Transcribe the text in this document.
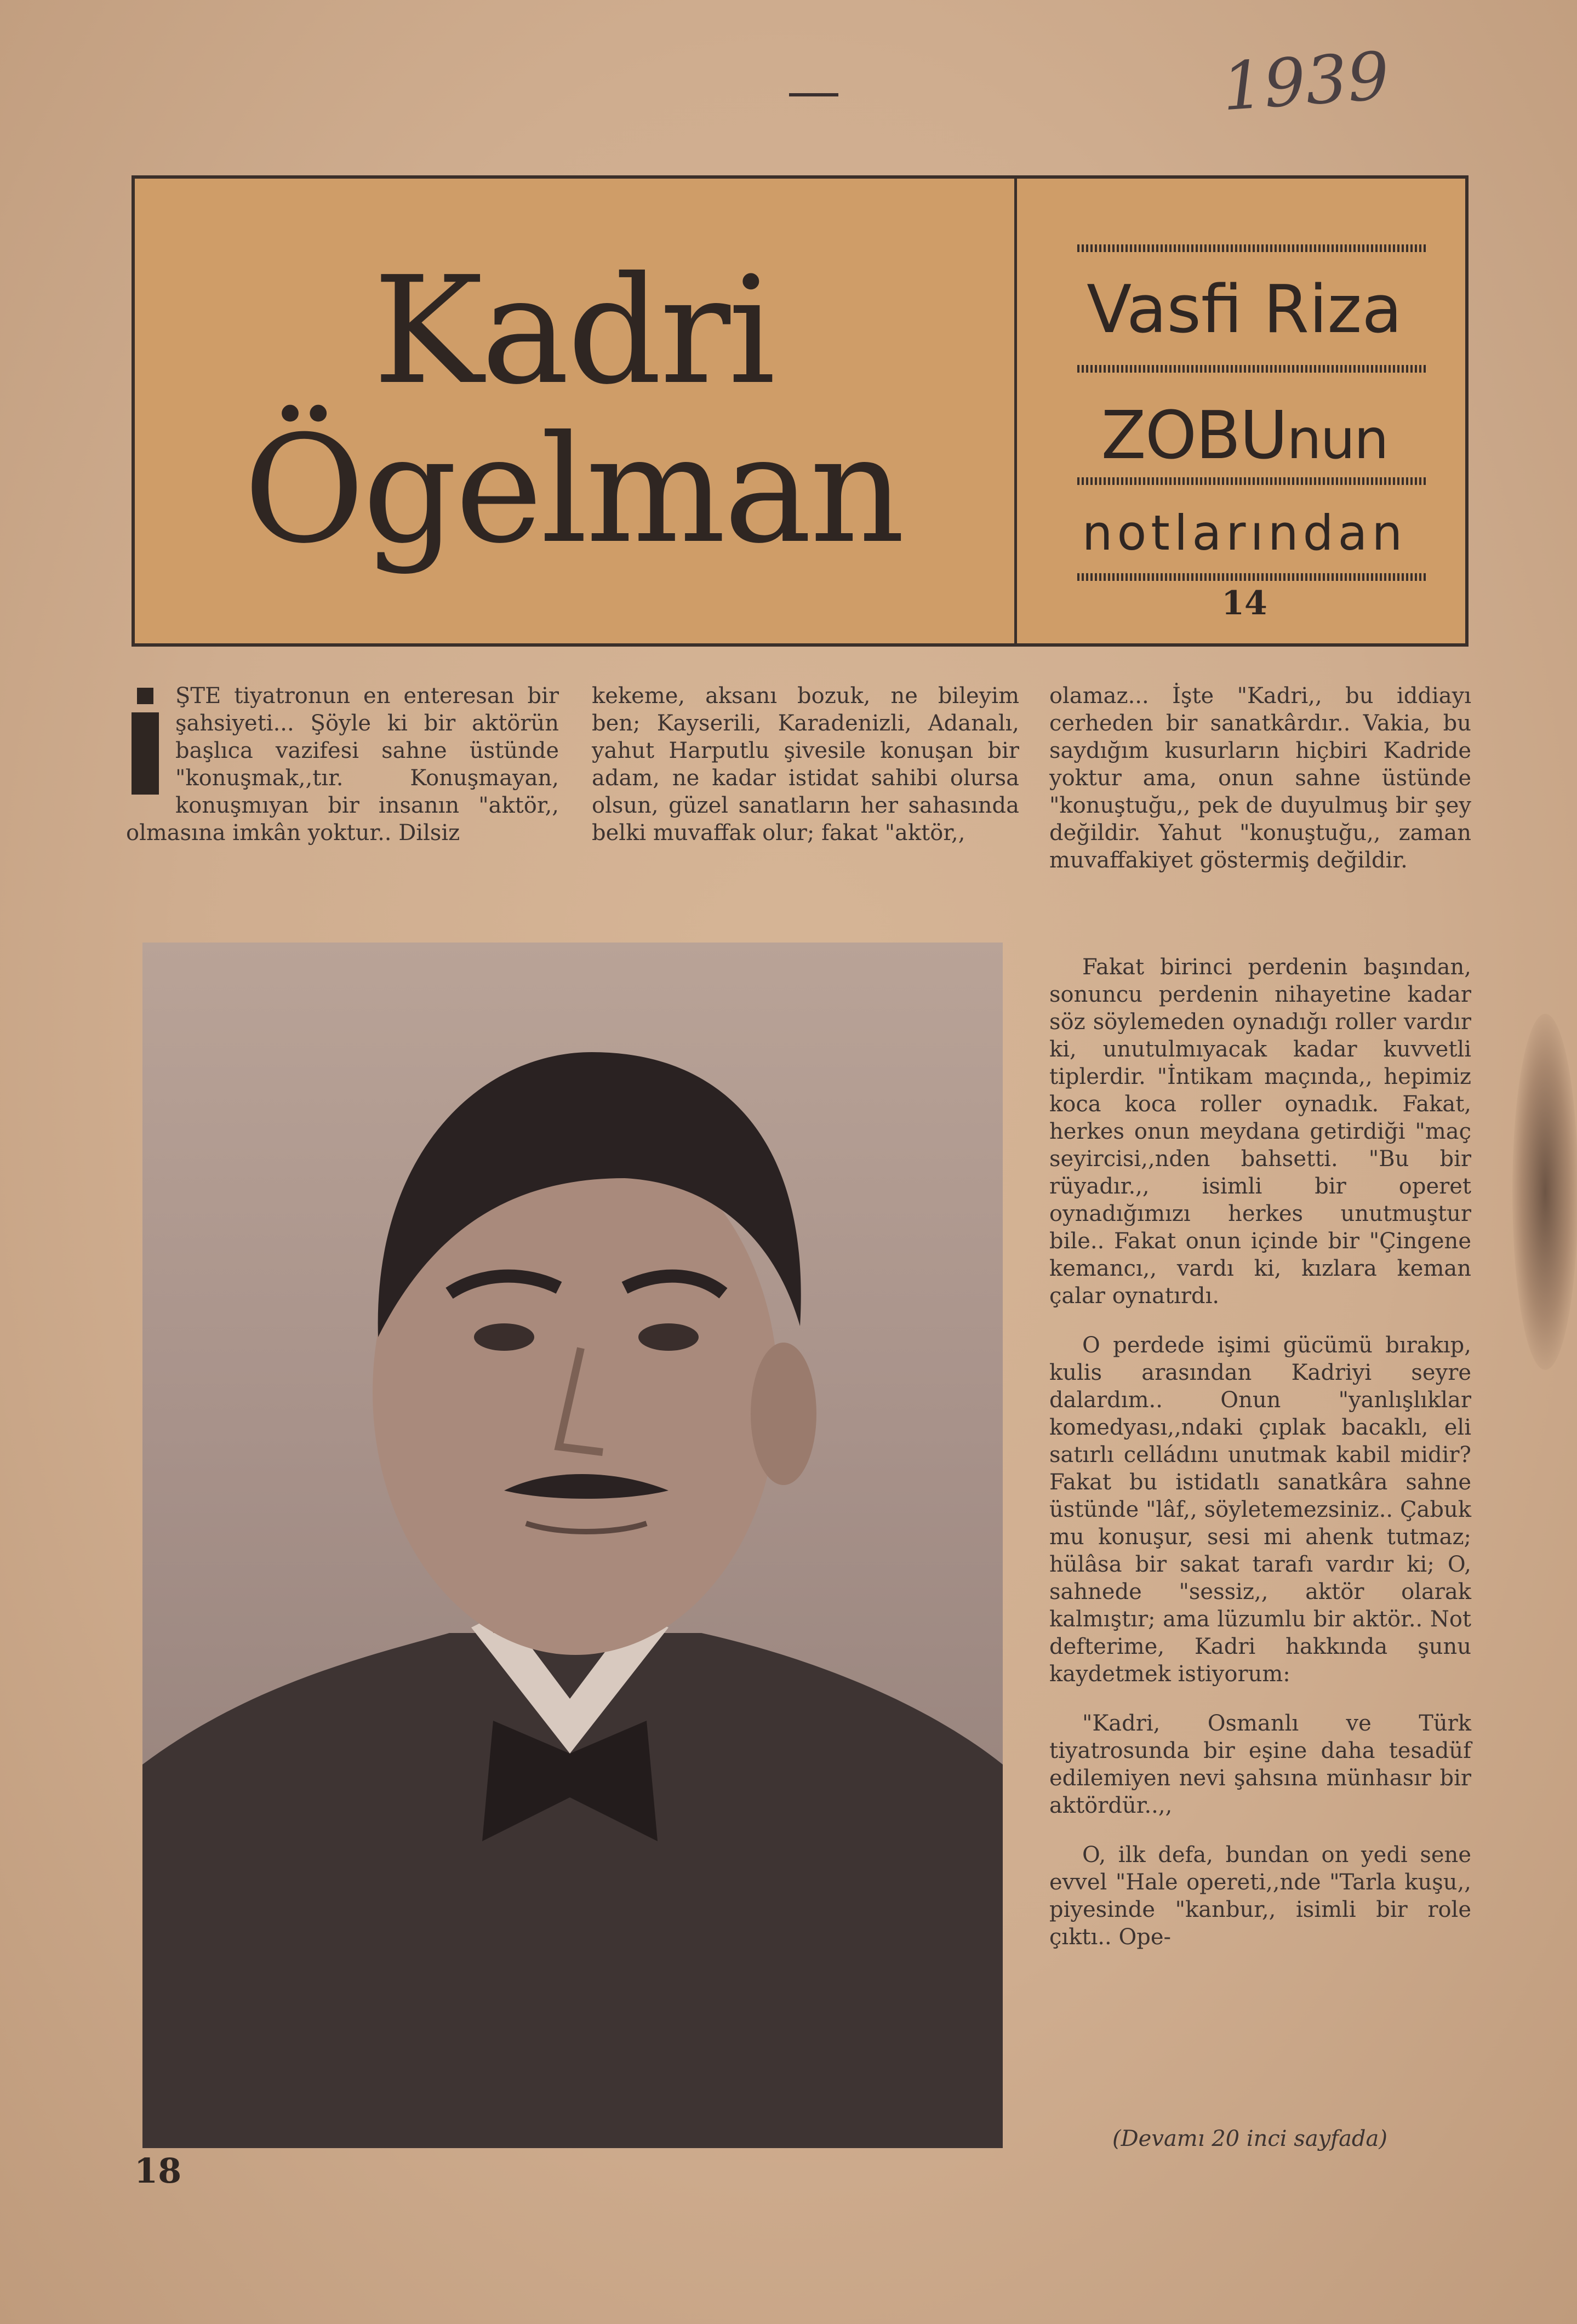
1939
Kadri
Ögelman
Vasfi Riza
ZOBUnun
notlarından
14

ŞTE tiyatronun en enteresan bir şahsiyeti... Şöyle ki bir aktörün başlıca vazifesi sahne üstünde "konuşmak,,tır. Konuşmayan, konuşmıyan bir insanın "aktör,, olmasına imkân yoktur.. Dilsiz

kekeme, aksanı bozuk, ne bileyim ben; Kayserili, Karadenizli, Adanalı, yahut Harputlu şivesile konuşan bir adam, ne kadar istidat sahibi olursa olsun, güzel sanatların her sahasında belki muvaffak olur; fakat "aktör,,

olamaz... İşte "Kadri,, bu iddiayı cerheden bir sanatkârdır.. Vakia, bu saydığım kusurların hiçbiri Kadride yoktur ama, onun sahne üstünde "konuştuğu,, pek de duyulmuş bir şey değildir. Yahut "konuştuğu,, zaman muvaffakiyet göstermiş değildir.

Fakat birinci perdenin başından, sonuncu perdenin nihayetine kadar söz söylemeden oynadığı roller vardır ki, unutulmıyacak kadar kuvvetli tiplerdir. "İntikam maçında,, hepimiz koca koca roller oynadık. Fakat, herkes onun meydana getirdiği "maç seyircisi,,nden bahsetti. "Bu bir rüyadır.,, isimli bir operet oynadığımızı herkes unutmuştur bile.. Fakat onun içinde bir "Çingene kemancı,, vardı ki, kızlara keman çalar oynatırdı.

O perdede işimi gücümü bırakıp, kulis arasından Kadriyi seyre dalardım.. Onun "yanlışlıklar komedyası,,ndaki çıplak bacaklı, eli satırlı celládını unutmak kabil midir? Fakat bu istidatlı sanatkâra sahne üstünde "lâf,, söyletemezsiniz.. Çabuk mu konuşur, sesi mi ahenk tutmaz; hülâsa bir sakat tarafı vardır ki; O, sahnede "sessiz,, aktör olarak kalmıştır; ama lüzumlu bir aktör.. Not defterime, Kadri hakkında şunu kaydetmek istiyorum:

"Kadri, Osmanlı ve Türk tiyatrosunda bir eşine daha tesadüf edilemiyen nevi şahsına münhasır bir aktördür..,,

O, ilk defa, bundan on yedi sene evvel "Hale opereti,,nde "Tarla kuşu,, piyesinde "kanbur,, isimli bir role çıktı.. Ope-

(Devamı 20 inci sayfada)
18
